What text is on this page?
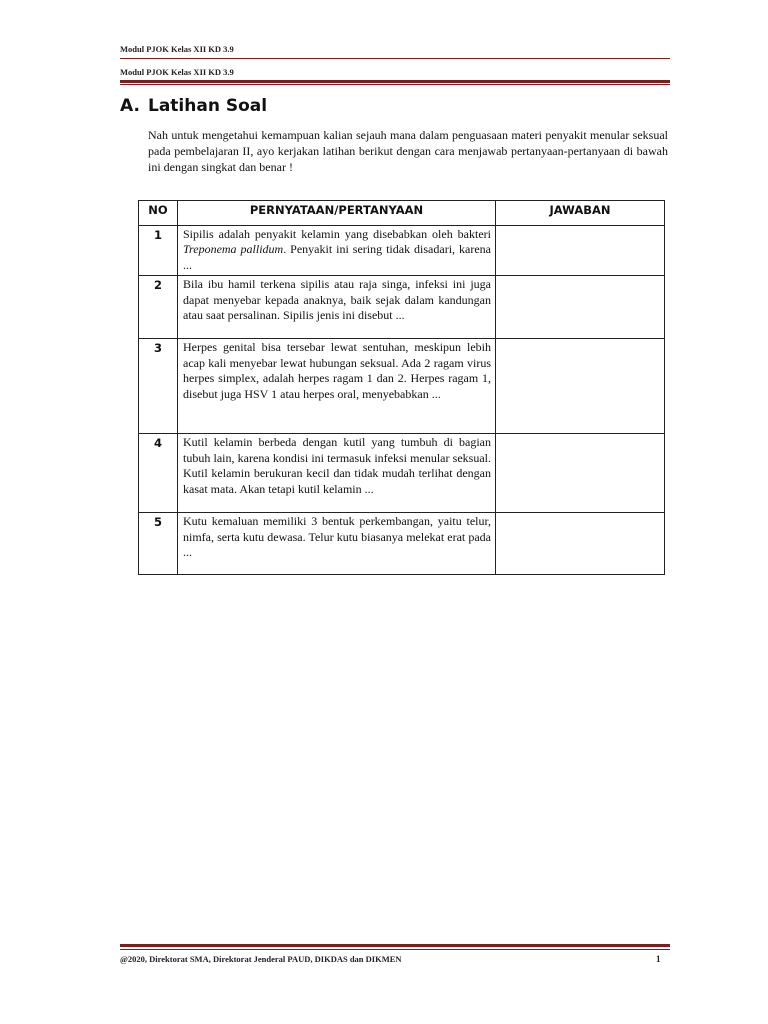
Modul PJOK Kelas XII KD 3.9
Modul PJOK Kelas XII KD 3.9
A. Latihan Soal
Nah untuk mengetahui kemampuan kalian sejauh mana dalam penguasaan materi penyakit menular seksual pada pembelajaran II, ayo kerjakan latihan berikut dengan cara menjawab pertanyaan-pertanyaan di bawah ini dengan singkat dan benar !
NO	PERNYATAAN/PERTANYAAN	JAWABAN
1	Sipilis adalah penyakit kelamin yang disebabkan oleh bakteri Treponema pallidum. Penyakit ini sering tidak disadari, karena ...	
2	Bila ibu hamil terkena sipilis atau raja singa, infeksi ini juga dapat menyebar kepada anaknya, baik sejak dalam kandungan atau saat persalinan. Sipilis jenis ini disebut ...	
3	Herpes genital bisa tersebar lewat sentuhan, meskipun lebih acap kali menyebar lewat hubungan seksual. Ada 2 ragam virus herpes simplex, adalah herpes ragam 1 dan 2. Herpes ragam 1, disebut juga HSV 1 atau herpes oral, menyebabkan ...	
4	Kutil kelamin berbeda dengan kutil yang tumbuh di bagian tubuh lain, karena kondisi ini termasuk infeksi menular seksual. Kutil kelamin berukuran kecil dan tidak mudah terlihat dengan kasat mata. Akan tetapi kutil kelamin ...	
5	Kutu kemaluan memiliki 3 bentuk perkembangan, yaitu telur, nimfa, serta kutu dewasa. Telur kutu biasanya melekat erat pada ...	
@2020, Direktorat SMA, Direktorat Jenderal PAUD, DIKDAS dan DIKMEN	1
